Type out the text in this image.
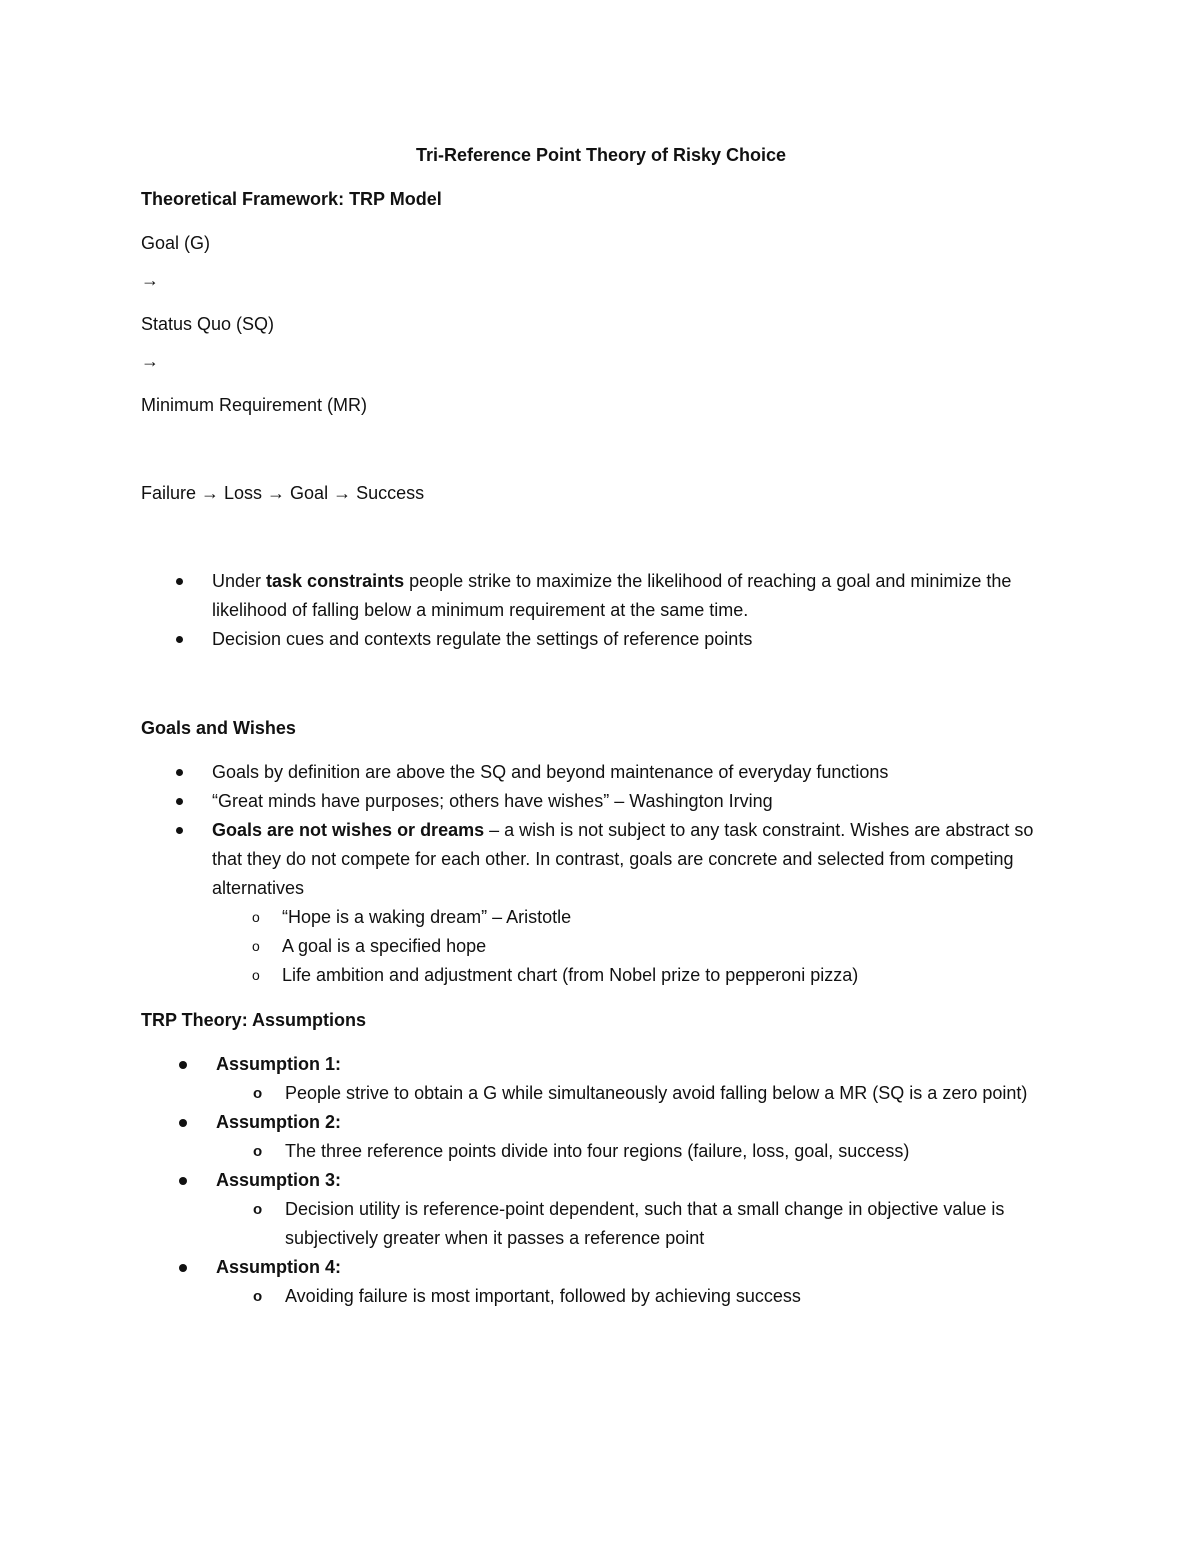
Tri-Reference Point Theory of Risky Choice

Theoretical Framework: TRP Model

Goal (G)

→

Status Quo (SQ)

→

Minimum Requirement (MR)

Failure → Loss → Goal → Success

Under task constraints people strike to maximize the likelihood of reaching a goal and minimize the likelihood of falling below a minimum requirement at the same time.
Decision cues and contexts regulate the settings of reference points

Goals and Wishes

Goals by definition are above the SQ and beyond maintenance of everyday functions
“Great minds have purposes; others have wishes” – Washington Irving
Goals are not wishes or dreams – a wish is not subject to any task constraint. Wishes are abstract so that they do not compete for each other. In contrast, goals are concrete and selected from competing alternatives
o “Hope is a waking dream” – Aristotle
o A goal is a specified hope
o Life ambition and adjustment chart (from Nobel prize to pepperoni pizza)

TRP Theory: Assumptions

Assumption 1:
o People strive to obtain a G while simultaneously avoid falling below a MR (SQ is a zero point)
Assumption 2:
o The three reference points divide into four regions (failure, loss, goal, success)
Assumption 3:
o Decision utility is reference-point dependent, such that a small change in objective value is subjectively greater when it passes a reference point
Assumption 4:
o Avoiding failure is most important, followed by achieving success
